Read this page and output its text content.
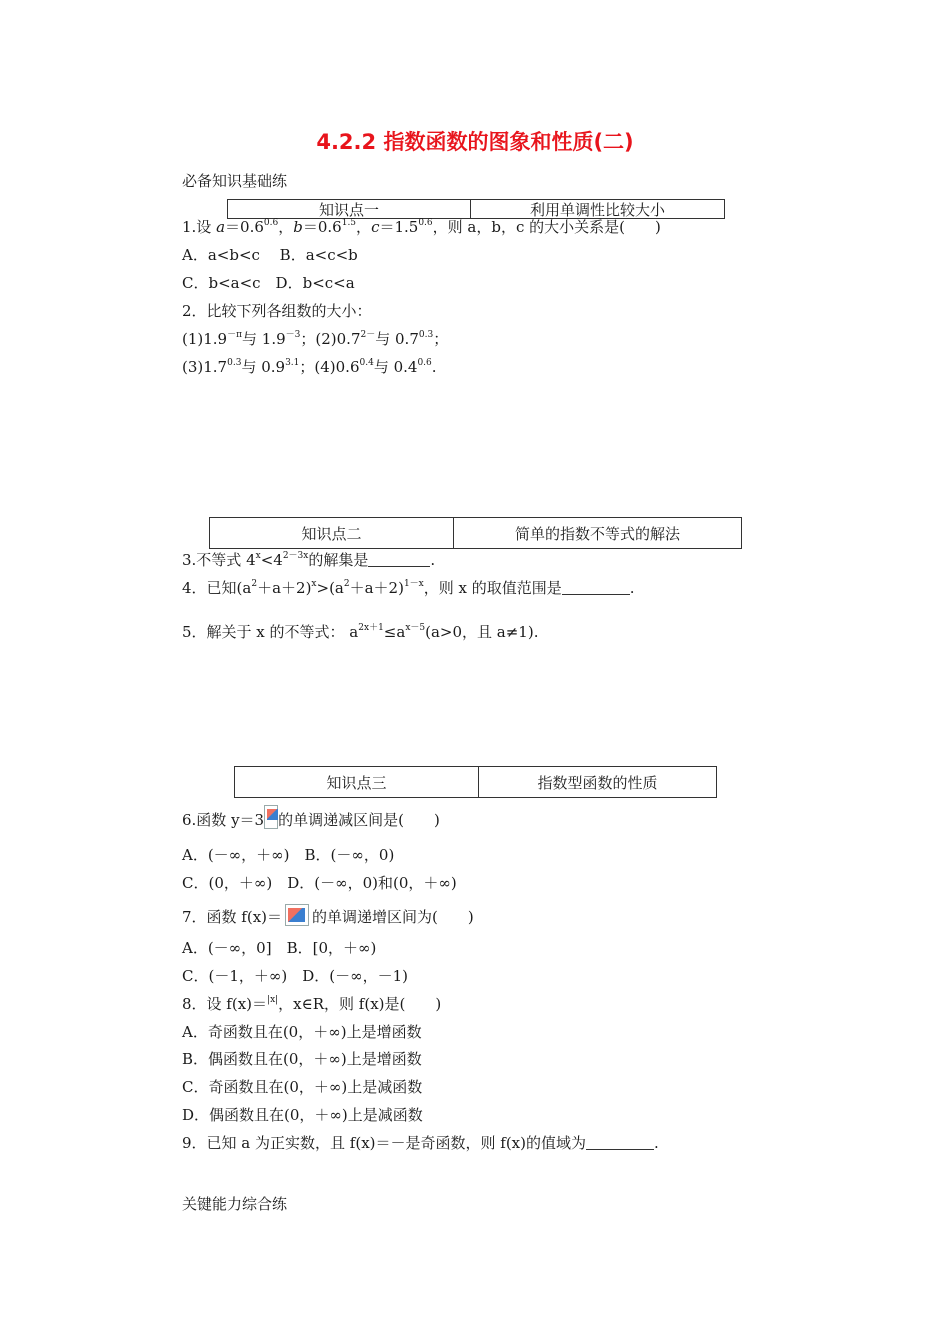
4.2.2 指数函数的图象和性质(二)
必备知识基础练
知识点一	利用单调性比较大小
1.设 $a=0.6^{0.6}$，$b=0.6^{1.5}$，$c=1.5^{0.6}$，则 a，b，c 的大小关系是(　　)
A．a<b<c　 B．a<c<b
C．b<a<c　D．b<c<a
2．比较下列各组数的大小：
$(1)1.9^{-\pi}$与 $1.9^{-3}$；$(2)0.7^{2-}$与 $0.7^{0.3}$；
$(3)1.7^{0.3}$与 $0.9^{3.1}$；$(4)0.6^{0.4}$与 $0.4^{0.6}$.
知识点二	简单的指数不等式的解法
3.不等式 $4^x<4^{2-3x}$的解集是	.
4．已知$(a^2+a+2)^x>(a^2+a+2)^{1-x}$，则 x 的取值范围是	.
5．解关于 x 的不等式： $a^{2x+1}\le a^{x-5}(a>0$，且 a≠1).
知识点三	指数型函数的性质
6.函数 y＝3 的单调递减区间是(　　)
A．(－∞，＋∞)　B．(－∞，0)
C．(0，＋∞)　D．(－∞，0)和(0，＋∞)
7．函数 f(x)＝ 的单调递增区间为(　　)
A．(－∞，0]　B．[0，＋∞)
C．(－1，＋∞)　D．(－∞，－1)
8．设 f(x)＝$^{|x|}$，x∈R，则 f(x)是(　　)
A．奇函数且在(0，＋∞)上是增函数
B．偶函数且在(0，＋∞)上是增函数
C．奇函数且在(0，＋∞)上是减函数
D．偶函数且在(0，＋∞)上是减函数
9．已知 a 为正实数，且 f(x)＝－是奇函数，则 f(x)的值域为	.
关键能力综合练
